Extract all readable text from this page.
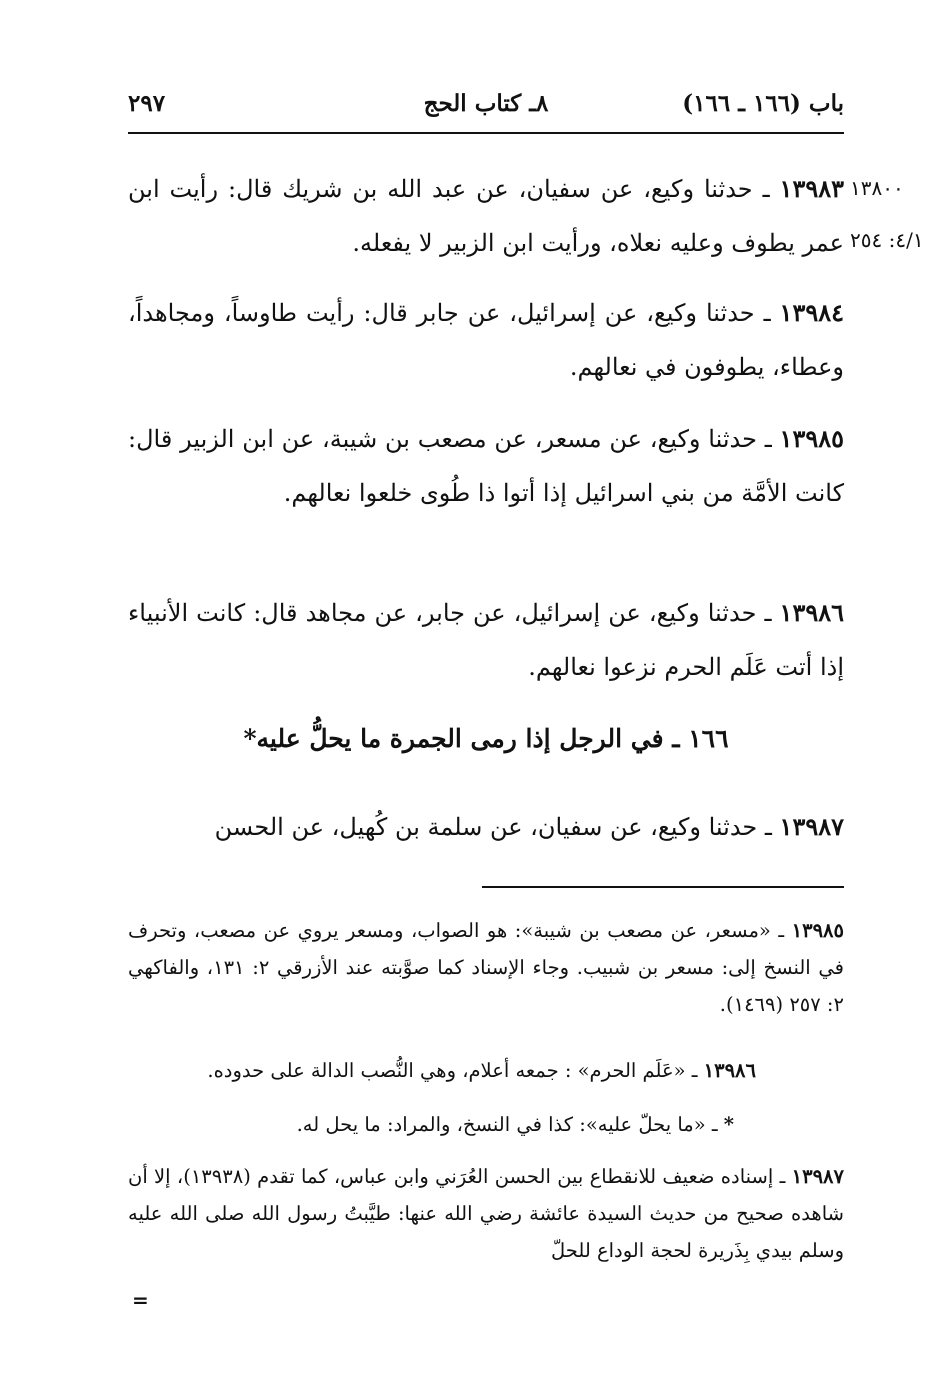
باب (١٦٦ ـ ١٦٦)
٨ـ كتاب الحج
٢٩٧
١٣٨٠٠
٤/١: ٢٥٤

١٣٩٨٣ ـ حدثنا وكيع، عن سفيان، عن عبد الله بن شريك قال: رأيت ابن عمر يطوف وعليه نعلاه، ورأيت ابن الزبير لا يفعله.

١٣٩٨٤ ـ حدثنا وكيع، عن إسرائيل، عن جابر قال: رأيت طاوساً، ومجاهداً، وعطاء، يطوفون في نعالهم.

١٣٩٨٥ ـ حدثنا وكيع، عن مسعر، عن مصعب بن شيبة، عن ابن الزبير قال: كانت الأمَّة من بني اسرائيل إذا أتوا ذا طُوى خلعوا نعالهم.

١٣٩٨٦ ـ حدثنا وكيع، عن إسرائيل، عن جابر، عن مجاهد قال: كانت الأنبياء إذا أتت عَلَم الحرم نزعوا نعالهم.

١٦٦ ـ في الرجل إذا رمى الجمرة ما يحلُّ عليه*

١٣٩٨٧ ـ حدثنا وكيع، عن سفيان، عن سلمة بن كُهيل، عن الحسن

١٣٩٨٥ ـ «مسعر، عن مصعب بن شيبة»: هو الصواب، ومسعر يروي عن مصعب، وتحرف في النسخ إلى: مسعر بن شبيب. وجاء الإسناد كما صوَّبته عند الأزرقي ٢: ١٣١، والفاكهي ٢: ٢٥٧ (١٤٦٩).

١٣٩٨٦ ـ «عَلَم الحرم» : جمعه أعلام، وهي النُّصب الدالة على حدوده.

* ـ «ما يحلّ عليه»: كذا في النسخ، والمراد: ما يحل له.

١٣٩٨٧ ـ إسناده ضعيف للانقطاع بين الحسن العُرَني وابن عباس، كما تقدم (١٣٩٣٨)، إلا أن شاهده صحيح من حديث السيدة عائشة رضي الله عنها: طيَّبتُ رسول الله صلى الله عليه وسلم بيدي بِذَريرة لحجة الوداع للحلّ

=
